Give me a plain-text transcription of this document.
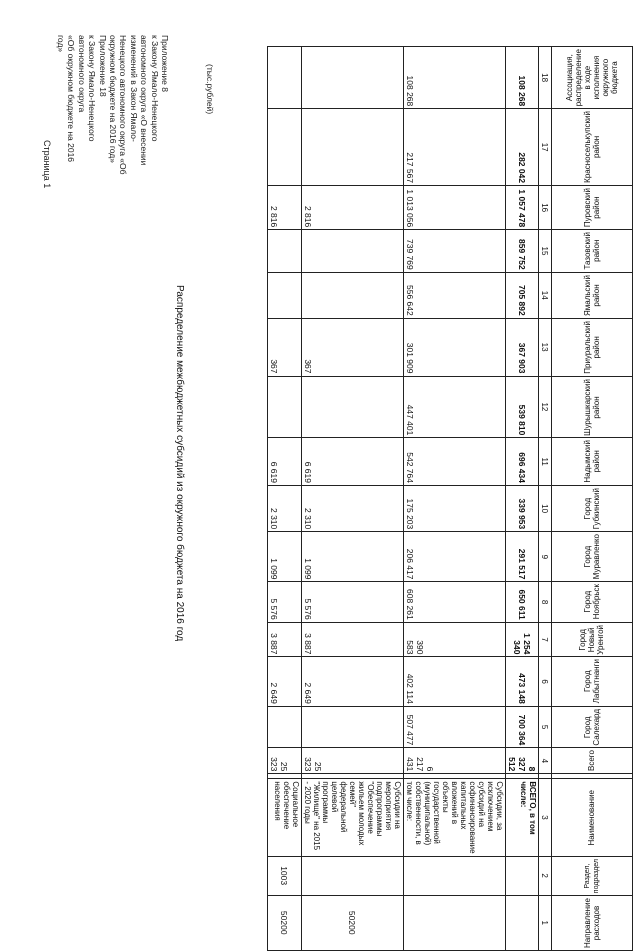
Страница 1
Приложение 8
к Закону Ямало-Ненецкого
автономного округа «О внесении
изменений в Закон Ямало-
Ненецкого автономного округа «Об
окружном бюджете на 2016 год»
Приложение 18
к Закону Ямало-Ненецкого
автономного округа
«Об окружном бюджете на 2016
год»
Распределение межбюджетных субсидий из окружного бюджета на 2016 год
(тыс.рублей)	Ассоциация, распределение в ходе исполнения окружного бюджета	Красноселькупский район	Пуровский район	Тазовский район	Ямальский район	Приуральский район	Шурышкарский район	Надымский район	Город Губкинский	Город Муравленко	Город Ноябрьск	Город Новый Уренгой	Город Лабытнанги	Город Салехард	Всего		Наименование	Раздел, подраздел	Направление расходов
18	17	16	15	14	13	12	11	10	9	8	7	6	5	4		3	2	1
108 268	282 042	1 057 478	859 752	705 892	367 903	539 810	696 434	339 953	291 517	650 611	1 254 340	473 148	700 364	8 327 512		ВСЕГО, в том числе:		
108 268	217 567	1 013 056	739 769	556 642	301 909	447 401	542 764	175 203	206 417	608 261	390 583	402 114	507 477	6 217 431		Субсидии, за исключением субсидий на софинансирование капитальных вложений в объекты государственной (муниципальной) собственности, в том числе:		
		2 816			367		6 619	2 310	1 099	5 576	3 887	2 649		25 323		Субсидии на мероприятия подпрограммы "Обеспечение жильем молодых семей" федеральной целевой программы "Жилище" на 2015 - 2020 годы		50200
		2 816			367		6 619	2 310	1 099	5 576	3 887	2 649		25 323		Социальное обеспечение населения	1003	50200
